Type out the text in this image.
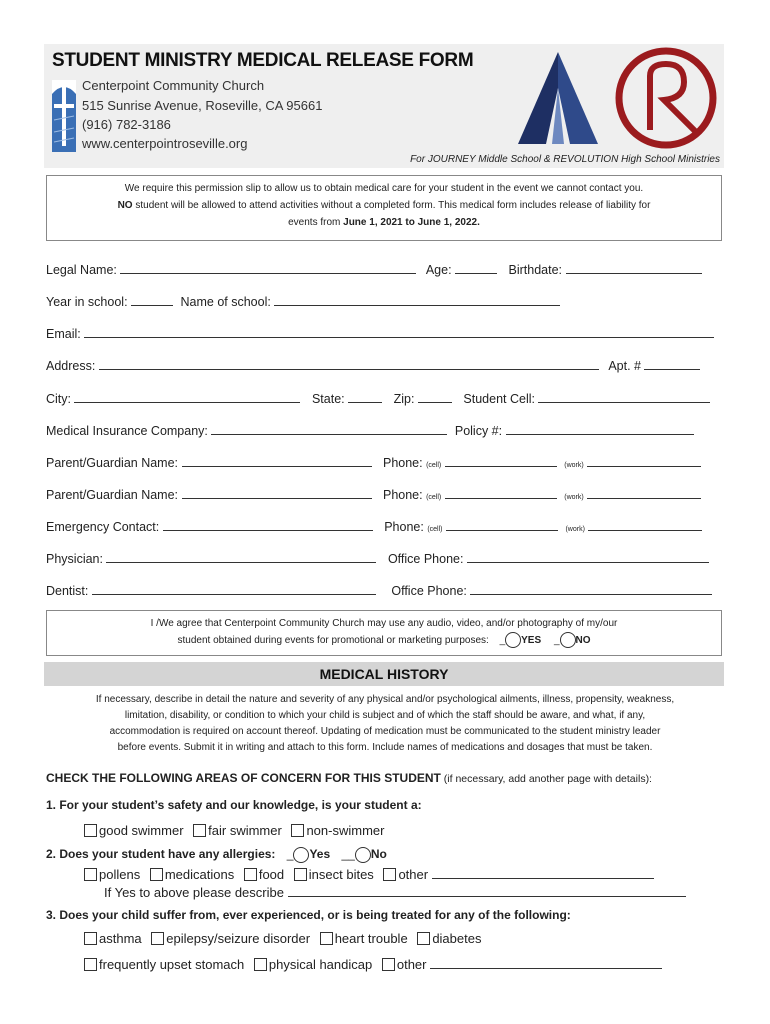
STUDENT MINISTRY MEDICAL RELEASE FORM
Centerpoint Community Church
515 Sunrise Avenue, Roseville, CA 95661
(916) 782-3186
www.centerpointroseville.org
For JOURNEY Middle School & REVOLUTION High School Ministries
We require this permission slip to allow us to obtain medical care for your student in the event we cannot contact you.
NO student will be allowed to attend activities without a completed form. This medical form includes release of liability for
events from June 1, 2021 to June 1, 2022.
Legal Name:	Age:	Birthdate:
Year in school:	Name of school:
Email:
Address:	Apt. #
City:	State:	Zip:	Student Cell:
Medical Insurance Company:	Policy #:
Parent/Guardian Name:	Phone: (cell)	(work)
Parent/Guardian Name:	Phone: (cell)	(work)
Emergency Contact:	Phone: (cell)	(work)
Physician:	Office Phone:
Dentist:	Office Phone:
I /We agree that Centerpoint Community Church may use any audio, video, and/or photography of my/our
student obtained during events for promotional or marketing purposes: _ YES _ NO
MEDICAL HISTORY
If necessary, describe in detail the nature and severity of any physical and/or psychological ailments, illness, propensity, weakness,
limitation, disability, or condition to which your child is subject and of which the staff should be aware, and what, if any,
accommodation is required on account thereof. Updating of medication must be communicated to the student ministry leader
before events. Submit it in writing and attach to this form. Include names of medications and dosages that must be taken.
CHECK THE FOLLOWING AREAS OF CONCERN FOR THIS STUDENT (if necessary, add another page with details):
1. For your student’s safety and our knowledge, is your student a:
good swimmer fair swimmer non-swimmer
2. Does your student have any allergies: _ Yes __ No
pollens medications food insect bites other
If Yes to above please describe
3. Does your child suffer from, ever experienced, or is being treated for any of the following:
asthma epilepsy/seizure disorder heart trouble diabetes
frequently upset stomach physical handicap other
